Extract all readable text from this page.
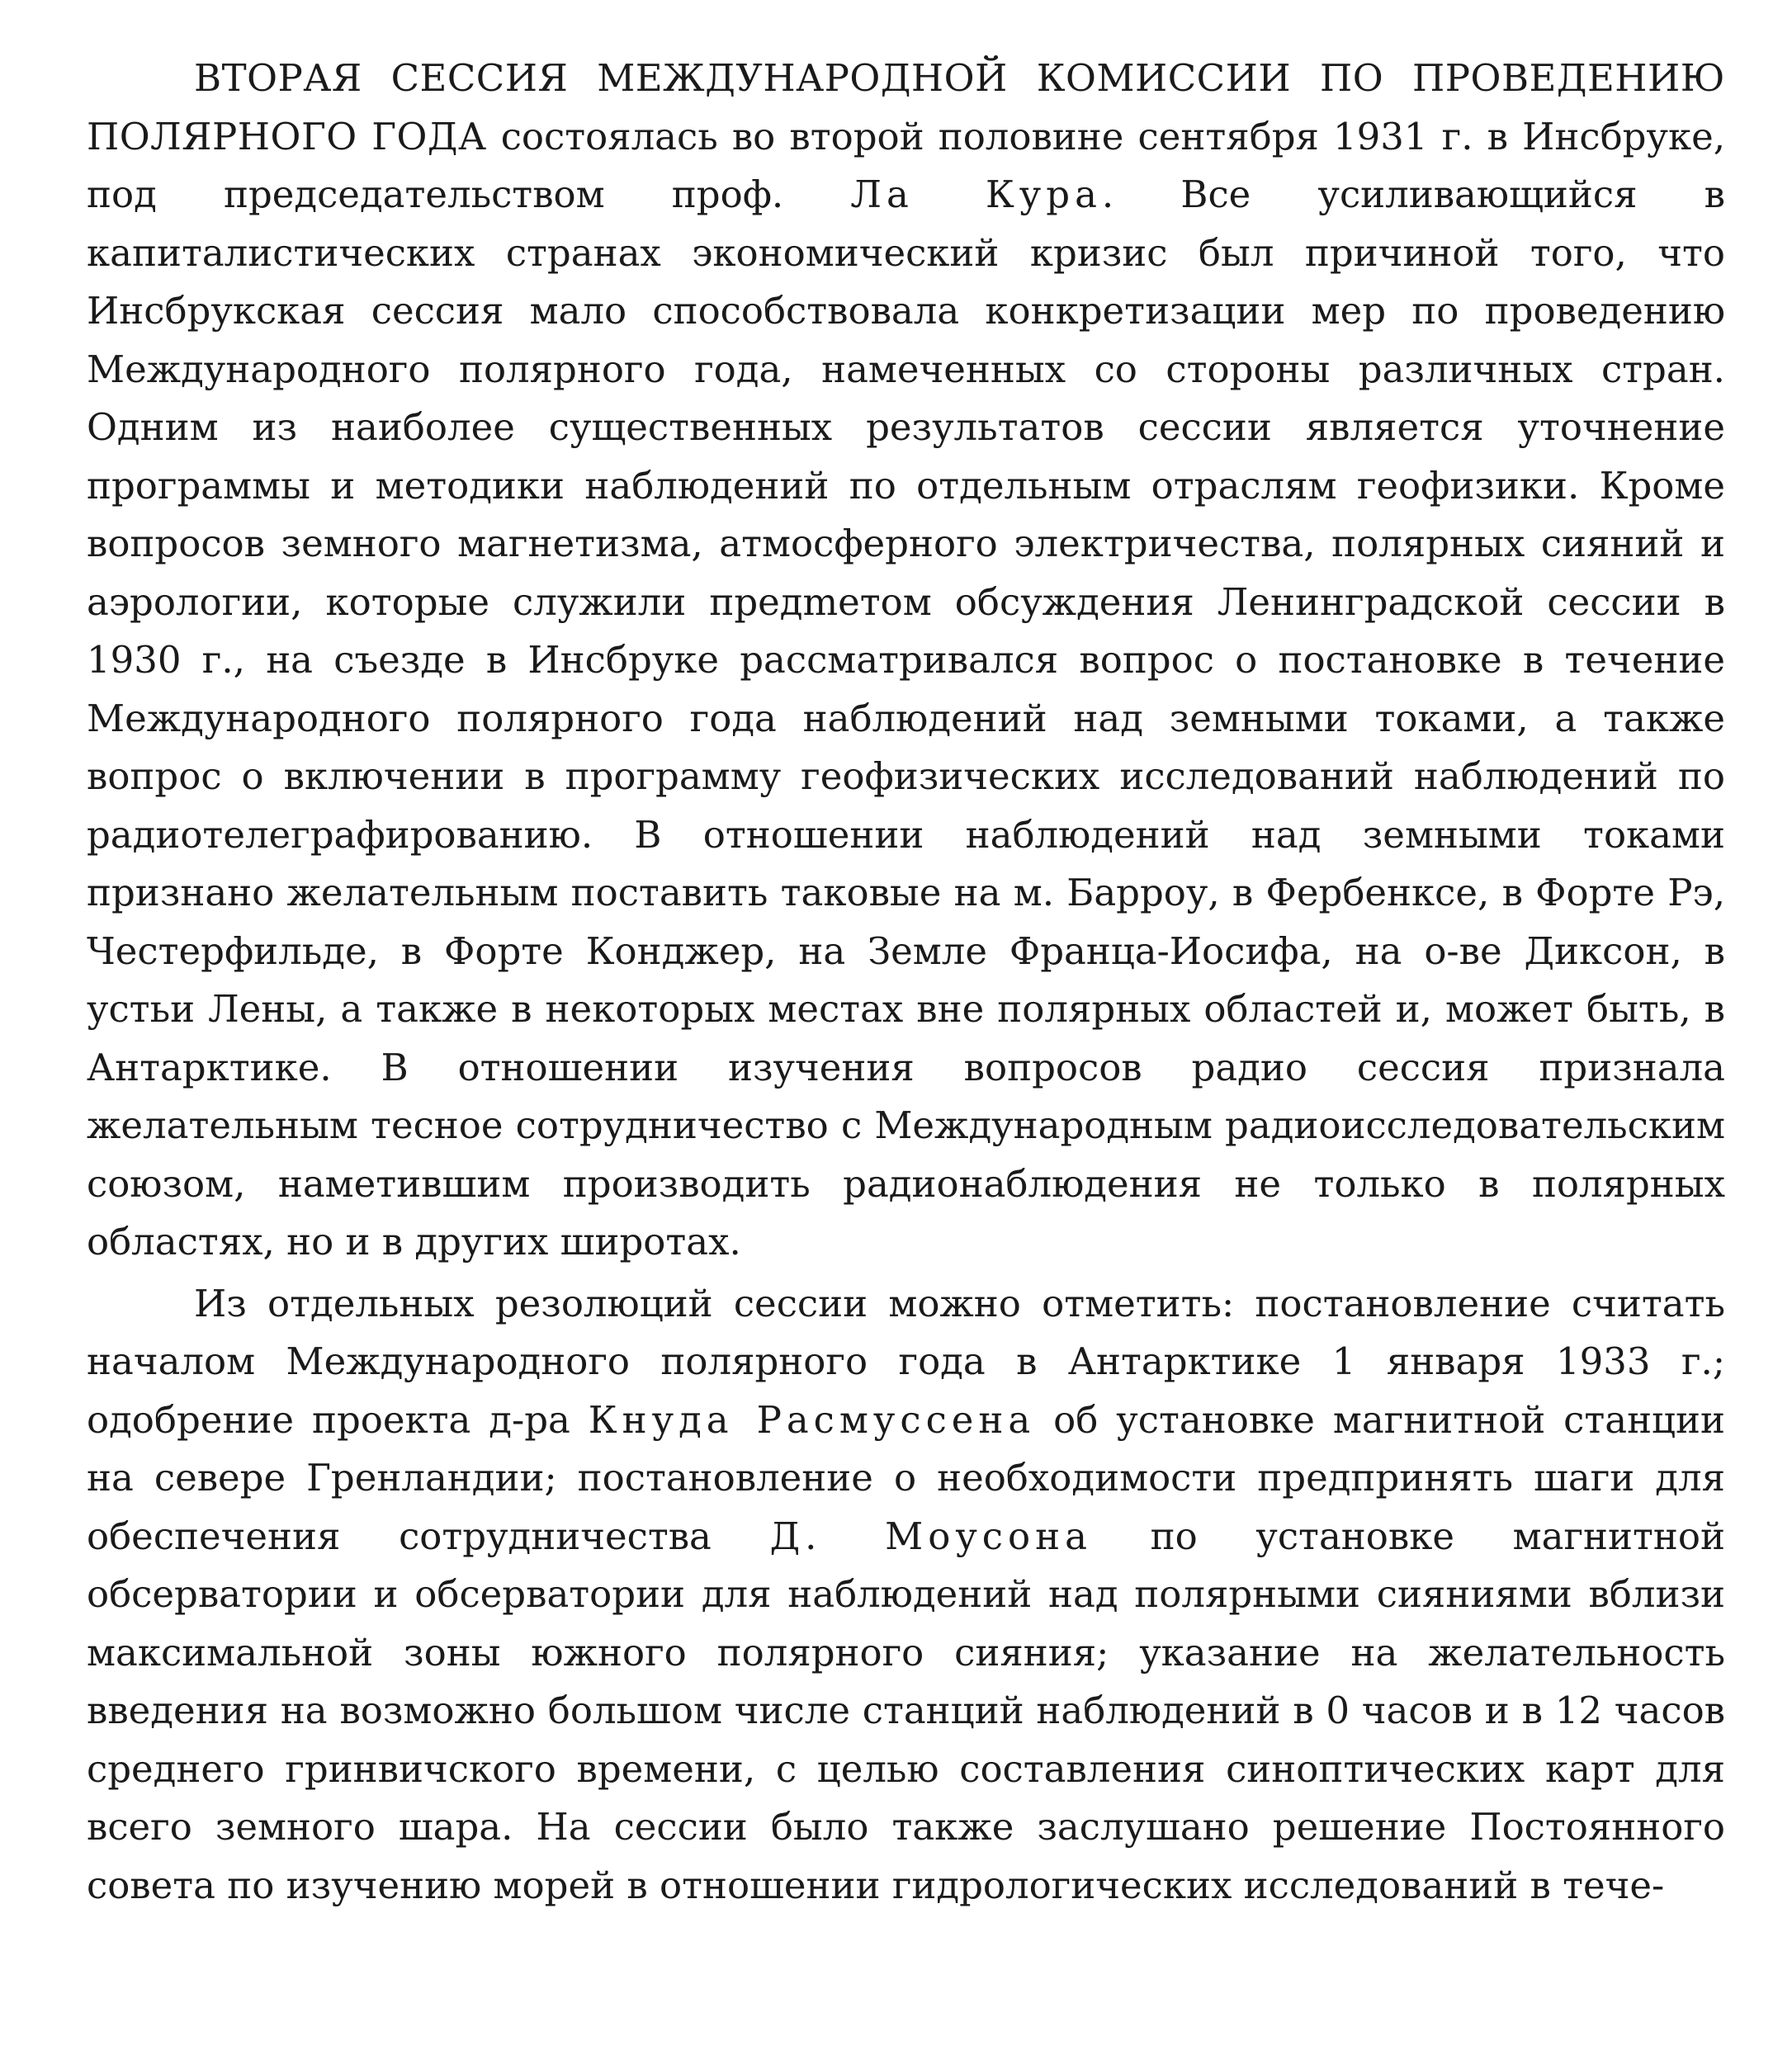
ВТОРАЯ СЕССИЯ МЕЖДУНАРОДНОЙ КОМИССИИ ПО ПРОВЕДЕНИЮ ПОЛЯРНОГО ГОДА состоялась во второй половине сентября 1931 г. в Инсбруке, под председательством проф. Ла Кура. Все усиливающийся в капиталистических странах экономический кризис был причиной того, что Инсбрукская сессия мало способствовала конкретизации мер по проведению Международного полярного года, намеченных со стороны различных стран. Одним из наиболее существенных результатов сессии является уточнение программы и методики наблюдений по отдельным отраслям геофизики. Кроме вопросов земного магнетизма, атмосферного электричества, полярных сияний и аэрологии, которые служили предmетом обсуждения Ленинградской сессии в 1930 г., на съезде в Инсбруке рассматривался вопрос о постановке в течение Международного полярного года наблюдений над земными токами, а также вопрос о включении в программу геофизических исследований наблюдений по радиотелеграфированию. В отношении наблюдений над земными токами признано желательным поставить таковые на м. Барроу, в Фербенксе, в Форте Рэ, Честерфильде, в Форте Конджер, на Земле Франца-Иосифа, на о-ве Диксон, в устьи Лены, а также в некоторых местах вне полярных областей и, может быть, в Антарктике. В отношении изучения вопросов радио сессия признала желательным тесное сотрудничество с Международным радиоисследовательским союзом, наметившим производить радионаблюдения не только в полярных областях, но и в других широтах.

Из отдельных резолюций сессии можно отметить: постановление считать началом Международного полярного года в Антарктике 1 января 1933 г.; одобрение проекта д-ра Кнуда Расмуссена об установке магнитной станции на севере Гренландии; постановление о необходимости предпринять шаги для обеспечения сотрудничества Д. Моусона по установке магнитной обсерватории и обсерватории для наблюдений над полярными сияниями вблизи максимальной зоны южного полярного сияния; указание на желательность введения на возможно большом числе станций наблюдений в 0 часов и в 12 часов среднего гринвичского времени, с целью составления синоптических карт для всего земного шара. На сессии было также заслушано решение Постоянного совета по изучению морей в отношении гидрологических исследований в тече-
